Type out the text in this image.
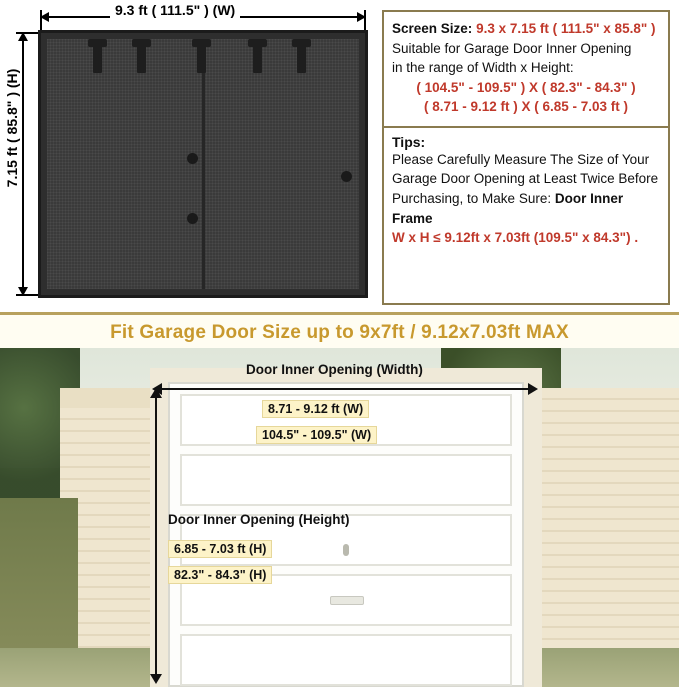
9.3 ft ( 111.5" ) (W)
7.15 ft ( 85.8" ) (H)
Screen Size: 9.3 x 7.15 ft ( 111.5" x 85.8" )
Suitable for Garage Door Inner Opening
in the range of Width x Height:
( 104.5" - 109.5" ) X ( 82.3" - 84.3" )
( 8.71 - 9.12 ft ) X ( 6.85 - 7.03 ft )
Tips:
Please Carefully Measure The Size of Your
Garage Door Opening at Least Twice Before
Purchasing, to Make Sure: Door Inner Frame
W x H ≤ 9.12ft x 7.03ft (109.5" x 84.3") .
Fit Garage Door Size up to 9x7ft / 9.12x7.03ft MAX
Door Inner Opening (Width)
8.71 - 9.12 ft (W)
104.5" - 109.5" (W)
Door Inner Opening (Height)
6.85 - 7.03 ft (H)
82.3" - 84.3" (H)
